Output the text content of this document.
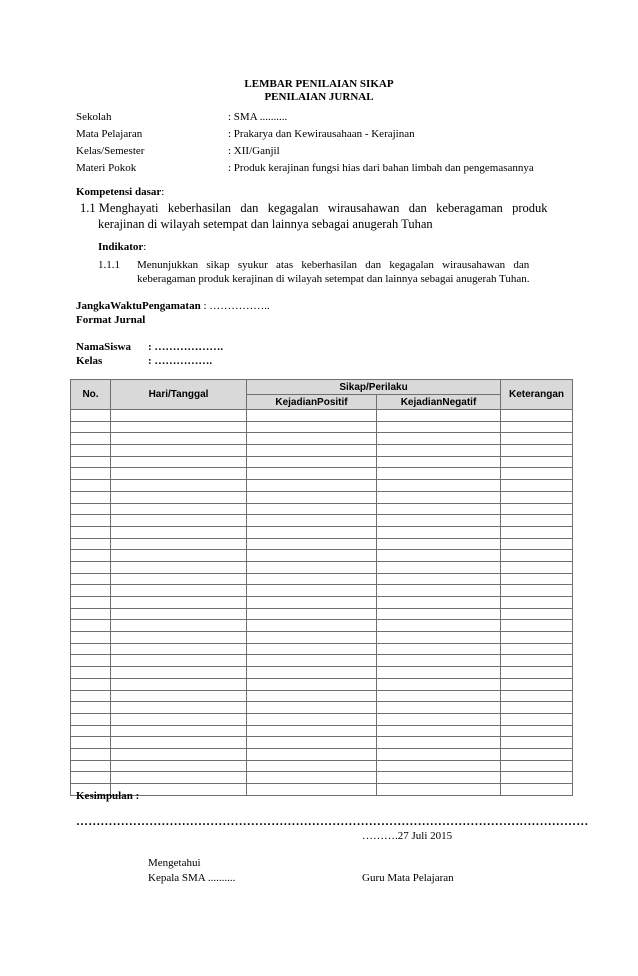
LEMBAR PENILAIAN SIKAP
PENILAIAN JURNAL
Sekolah	: SMA ..........
Mata Pelajaran	: Prakarya dan Kewirausahaan - Kerajinan
Kelas/Semester	: XII/Ganjil
Materi Pokok	: Produk kerajinan fungsi hias dari bahan limbah dan pengemasannya
Kompetensi dasar:
1.1 Menghayati   keberhasilan   dan   kegagalan   wirausahawan   dan   keberagaman   produk
kerajinan di wilayah setempat dan lainnya sebagai anugerah Tuhan
Indikator:
1.1.1 Menunjukkan   sikap   syukur   atas   keberhasilan   dan   kegagalan   wirausahawan   dan
keberagaman produk kerajinan di wilayah setempat dan lainnya sebagai anugerah Tuhan.
JangkaWaktuPengamatan : ……………..
Format Jurnal
NamaSiswa : ……………….
Kelas	: …………….
No.	Hari/Tanggal	Sikap/Perilaku		Keterangan
		KejadianPositif	KejadianNegatif	

Kesimpulan :
………………………………………………………………………………………………………………
……….27 Juli 2015
Mengetahui
Kepala SMA ..........	Guru Mata Pelajaran
